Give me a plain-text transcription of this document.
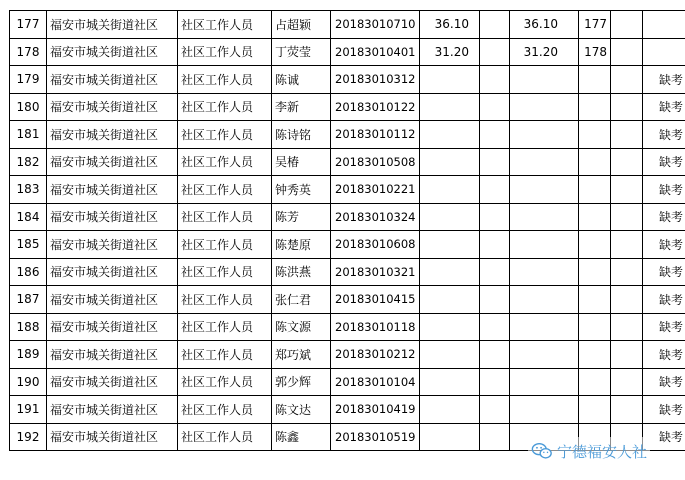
177	福安市城关街道社区	社区工作人员	占超颖	20183010710	36.10		36.10	177		
178	福安市城关街道社区	社区工作人员	丁荧莹	20183010401	31.20		31.20	178		
179	福安市城关街道社区	社区工作人员	陈诚	20183010312						缺考
180	福安市城关街道社区	社区工作人员	李新	20183010122						缺考
181	福安市城关街道社区	社区工作人员	陈诗铭	20183010112						缺考
182	福安市城关街道社区	社区工作人员	吴椿	20183010508						缺考
183	福安市城关街道社区	社区工作人员	钟秀英	20183010221						缺考
184	福安市城关街道社区	社区工作人员	陈芳	20183010324						缺考
185	福安市城关街道社区	社区工作人员	陈楚原	20183010608						缺考
186	福安市城关街道社区	社区工作人员	陈洪燕	20183010321						缺考
187	福安市城关街道社区	社区工作人员	张仁君	20183010415						缺考
188	福安市城关街道社区	社区工作人员	陈文源	20183010118						缺考
189	福安市城关街道社区	社区工作人员	郑巧斌	20183010212						缺考
190	福安市城关街道社区	社区工作人员	郭少辉	20183010104						缺考
191	福安市城关街道社区	社区工作人员	陈文达	20183010419						缺考
192	福安市城关街道社区	社区工作人员	陈鑫	20183010519						缺考
宁德福安人社
